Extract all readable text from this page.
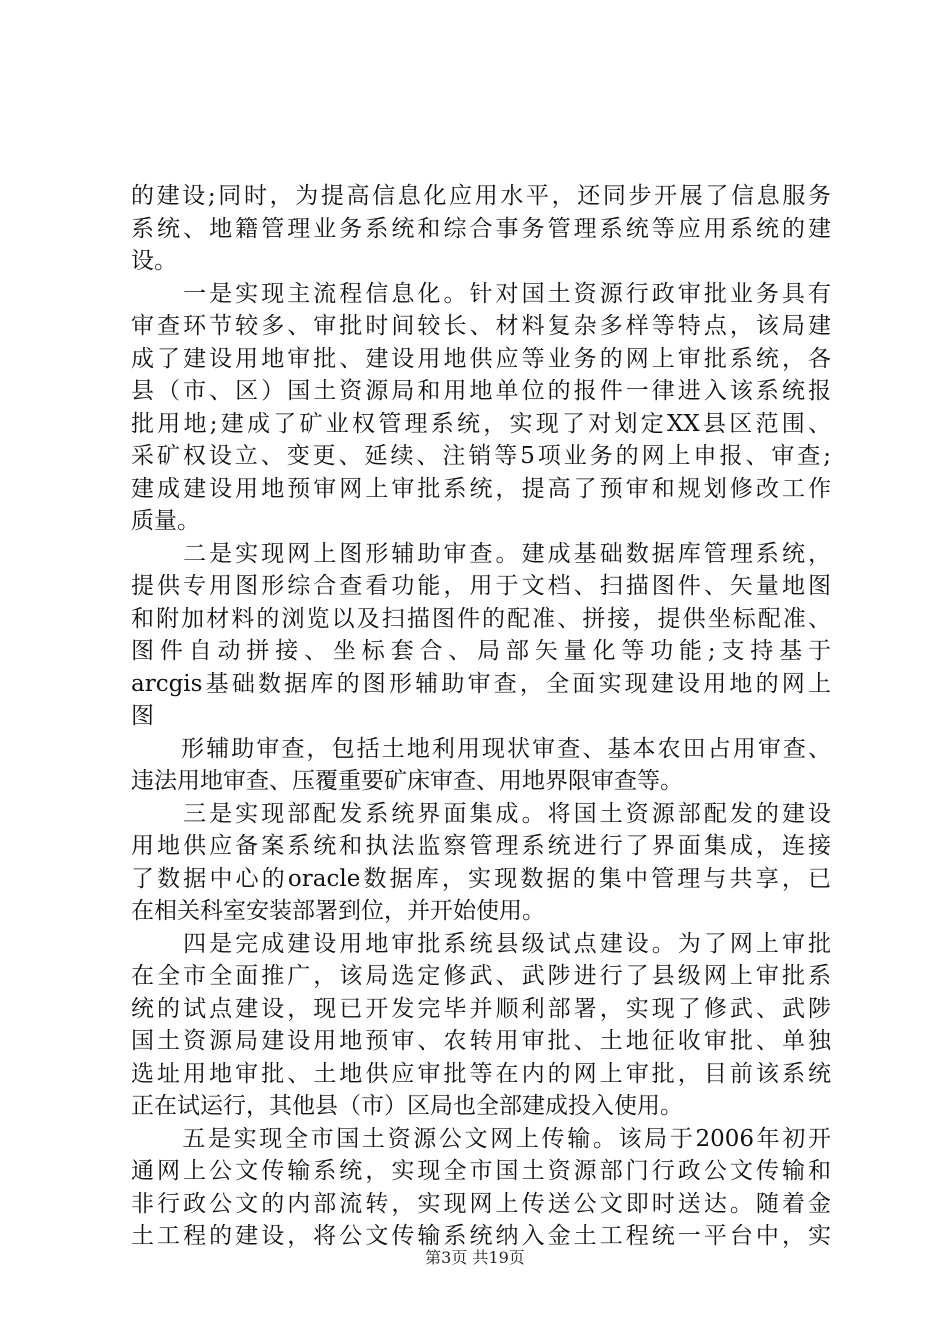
的建设;同时，为提高信息化应用水平，还同步开展了信息服务
系统、地籍管理业务系统和综合事务管理系统等应用系统的建
设。
　　一是实现主流程信息化。针对国土资源行政审批业务具有
审查环节较多、审批时间较长、材料复杂多样等特点，该局建
成了建设用地审批、建设用地供应等业务的网上审批系统，各
县（市、区）国土资源局和用地单位的报件一律进入该系统报
批用地;建成了矿业权管理系统，实现了对划定XX县区范围、
采矿权设立、变更、延续、注销等5项业务的网上申报、审查;
建成建设用地预审网上审批系统，提高了预审和规划修改工作
质量。
　　二是实现网上图形辅助审查。建成基础数据库管理系统，
提供专用图形综合查看功能，用于文档、扫描图件、矢量地图
和附加材料的浏览以及扫描图件的配准、拼接，提供坐标配准、
图件自动拼接、坐标套合、局部矢量化等功能;支持基于
arcgis基础数据库的图形辅助审查，全面实现建设用地的网上
图
　　形辅助审查，包括土地利用现状审查、基本农田占用审查、
违法用地审查、压覆重要矿床审查、用地界限审查等。
　　三是实现部配发系统界面集成。将国土资源部配发的建设
用地供应备案系统和执法监察管理系统进行了界面集成，连接
了数据中心的oracle数据库，实现数据的集中管理与共享，已
在相关科室安装部署到位，并开始使用。
　　四是完成建设用地审批系统县级试点建设。为了网上审批
在全市全面推广，该局选定修武、武陟进行了县级网上审批系
统的试点建设，现已开发完毕并顺利部署，实现了修武、武陟
国土资源局建设用地预审、农转用审批、土地征收审批、单独
选址用地审批、土地供应审批等在内的网上审批，目前该系统
正在试运行，其他县（市）区局也全部建成投入使用。
　　五是实现全市国土资源公文网上传输。该局于2006年初开
通网上公文传输系统，实现全市国土资源部门行政公文传输和
非行政公文的内部流转，实现网上传送公文即时送达。随着金
土工程的建设，将公文传输系统纳入金土工程统一平台中，实
第3页 共19页
